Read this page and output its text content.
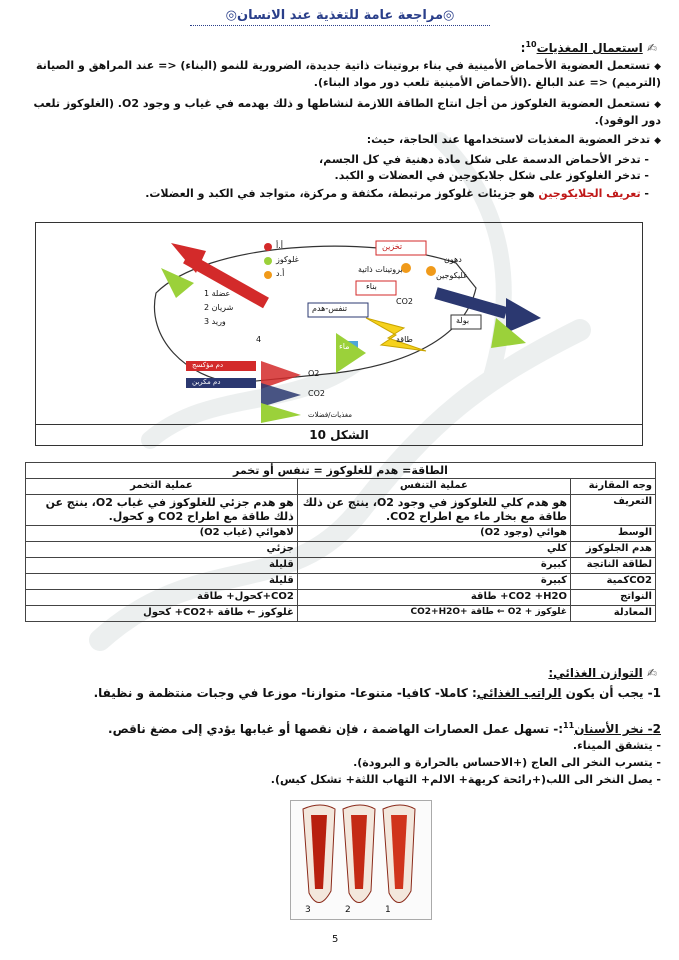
◎مراجعة عامة للتغذية عند الانسان◎
✍ استعمال المغذيات$^{10}$:
◆تستعمل العضوية الأحماض الأمينية في بناء بروتينات ذاتية جديدة، الضرورية للنمو (البناء) <= عند المراهق و الصيانة (الترميم) <= عند البالغ .(الأحماض الأمينية تلعب دور مواد البناء).
◆تستعمل العضوية الغلوكوز من أجل انتاج الطاقة اللازمة لنشاطها و ذلك بهدمه في غياب و وجود O2. (الغلوكوز تلعب دور الوقود).
◆تدخر العضوية المغذيات لاستخدامها عند الحاجة، حيث:
- تدخر الأحماض الدسمة على شكل مادة دهنية في كل الجسم،
- تدخر الغلوكوز على شكل جلايكوجين في العضلات و الكبد.
- تعريف الجلايكوجين هو جزيئات غلوكوز مرتبطة، مكثفة و مركزة، متواجد في الكبد و العضلات.
أ.أ
غلوكوز
أ.د
تخزين
بروتينات ذاتية
بناء
دهون
غليكوجين
CO2
تنفس-هدم
طاقة
ماء
بولة
عضلة 1
شريان 2
وريد 3
4
دم مؤكسج
دم مكربن
O2
CO2
مغذيات/فضلات
الشكل 10
الطاقة= هدم للغلوكوز = تنفس أو تخمر		
وجه المقارنة	عملية التنفس	عملية التخمر
التعريف	هو هدم كلي للغلوكوز في وجود O2، ينتج عن ذلك طاقة مع بخار ماء مع اطراح CO2.	هو هدم جزئي للغلوكوز في غياب O2، ينتج عن ذلك طاقة مع اطراح CO2 و كحول.
الوسط	هوائي (وجود O2)	لاهوائي (غياب O2)
هدم الجلوكوز	كلي	جزئي
لطاقة الناتجة	كبيرة	قليلة
CO2كمية	كبيرة	قليلة
النواتج	CO2 +H2O+ طاقة	CO2+كحول+ طاقة
المعادلة	غلوكوز + O2 ← طاقة +CO2+H2O	غلوكوز ← طاقة +CO2+ كحول
✍ التوازن الغذائي:
1- يجب أن يكون الراتب الغذائي: كاملا- كافيا- متنوعا- متوازنا- موزعا في وجبات منتظمة و نظيفا.
2- نخر الأسنان$^{11}$:- تسهل عمل العصارات الهاضمة ، فإن نقصها أو غيابها يؤدي إلى مضغ ناقص.
- يتشقق الميناء.
- يتسرب النخر الى العاج (+الاحساس بالحرارة و البرودة).
- يصل النخر الى اللب(+رائحة كريهة+ الالم+ التهاب اللثة+ تشكل كيس).
3	2	1
5
